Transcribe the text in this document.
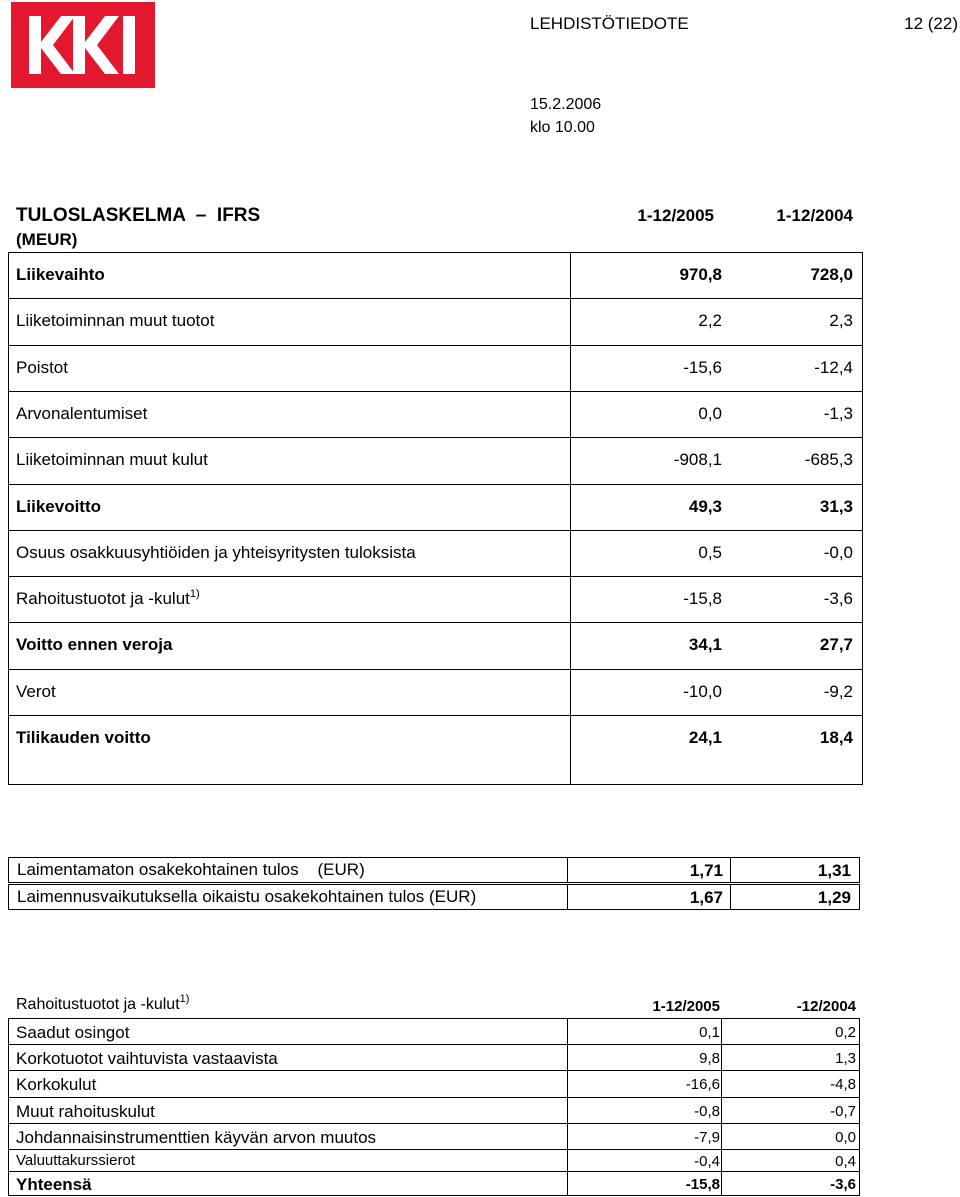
LEHDISTÖTIEDOTE	12 (22)
15.2.2006
klo 10.00
TULOSLASKELMA  –  IFRS
(MEUR)
1-12/2005	1-12/2004
Liikevaihto	970,8	728,0
Liiketoiminnan muut tuotot	2,2	2,3
Poistot	-15,6	-12,4
Arvonalentumiset	0,0	-1,3
Liiketoiminnan muut kulut	-908,1	-685,3
Liikevoitto	49,3	31,3
Osuus osakkuusyhtiöiden ja yhteisyritysten tuloksista	0,5	-0,0
Rahoitustuotot ja -kulut$^{1)}$	-15,8	-3,6
Voitto ennen veroja	34,1	27,7
Verot	-10,0	-9,2
Tilikauden voitto	24,1	18,4
Laimentamaton osakekohtainen tulos    (EUR)	1,71	1,31
Laimennusvaikutuksella oikaistu osakekohtainen tulos (EUR)	1,67	1,29
Rahoitustuotot ja -kulut$^{1)}$	1-12/2005	-12/2004
Saadut osingot	0,1	0,2
Korkotuotot vaihtuvista vastaavista	9,8	1,3
Korkokulut	-16,6	-4,8
Muut rahoituskulut	-0,8	-0,7
Johdannaisinstrumenttien käyvän arvon muutos	-7,9	0,0
Valuuttakurssierot	-0,4	0,4
Yhteensä	-15,8	-3,6
